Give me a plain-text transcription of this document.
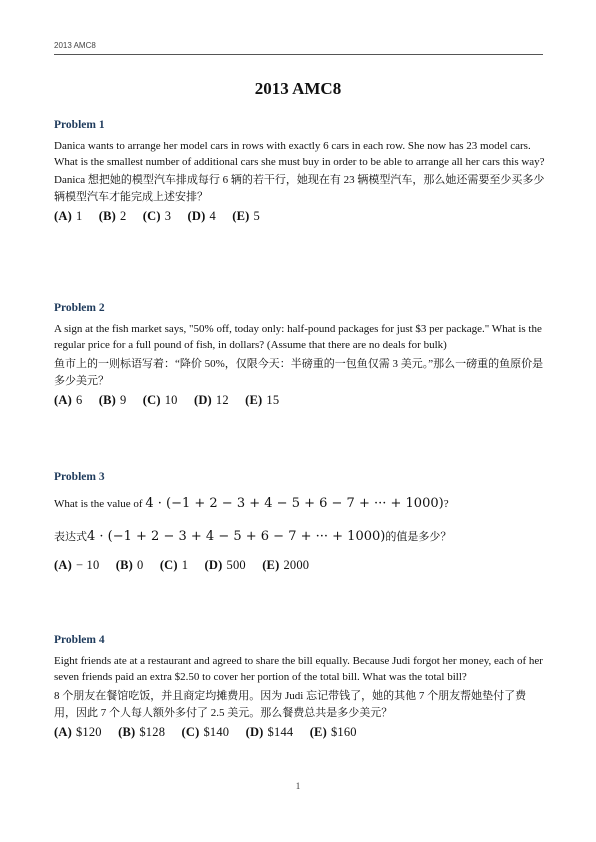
2013 AMC8
2013 AMC8
Problem 1
Danica wants to arrange her model cars in rows with exactly 6 cars in each row. She now has 23 model cars. What is the smallest number of additional cars she must buy in order to be able to arrange all her cars this way?
Danica 想把她的模型汽车排成每行 6 辆的若干行，她现在有 23 辆模型汽车，那么她还需要至少买多少辆模型汽车才能完成上述安排？
(A) 1 (B) 2 (C) 3 (D) 4 (E) 5
Problem 2
A sign at the fish market says, "50% off, today only: half-pound packages for just $3 per package." What is the regular price for a full pound of fish, in dollars? (Assume that there are no deals for bulk)
鱼市上的一则标语写着：“降价 50%，仅限今天：半磅重的一包鱼仅需 3 美元。”那么一磅重的鱼原价是多少美元？
(A) 6 (B) 9 (C) 10 (D) 12 (E) 15
Problem 3
What is the value of 4 · (−1 + 2 − 3 + 4 − 5 + 6 − 7 + ··· + 1000)?
表达式4 · (−1 + 2 − 3 + 4 − 5 + 6 − 7 + ··· + 1000)的值是多少？
(A) − 10 (B) 0 (C) 1 (D) 500 (E) 2000
Problem 4
Eight friends ate at a restaurant and agreed to share the bill equally. Because Judi forgot her money, each of her seven friends paid an extra $2.50 to cover her portion of the total bill. What was the total bill?
8 个朋友在餐馆吃饭，并且商定均摊费用。因为 Judi 忘记带钱了，她的其他 7 个朋友帮她垫付了费用，因此 7 个人每人额外多付了 2.5 美元。那么餐费总共是多少美元？
(A) $120 (B) $128 (C) $140 (D) $144 (E) $160
1
